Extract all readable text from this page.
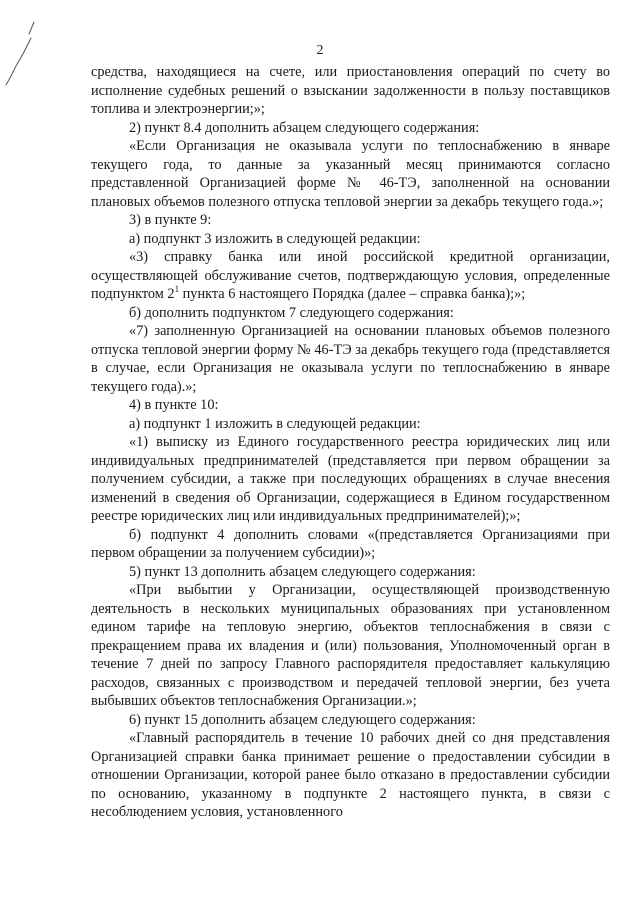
2

средства, находящиеся на счете, или приостановления операций по счету во исполнение судебных решений о взыскании задолженности в пользу поставщиков топлива и электроэнергии;»;

2) пункт 8.4 дополнить абзацем следующего содержания:

«Если Организация не оказывала услуги по теплоснабжению в январе текущего года, то данные за указанный месяц принимаются согласно представленной Организацией форме № 46-ТЭ, заполненной на основании плановых объемов полезного отпуска тепловой энергии за декабрь текущего года.»;

3) в пункте 9:

а) подпункт 3 изложить в следующей редакции:

«3) справку банка или иной российской кредитной организации, осуществляющей обслуживание счетов, подтверждающую условия, определенные подпунктом $2^1$ пункта 6 настоящего Порядка (далее – справка банка);»;

б) дополнить подпунктом 7 следующего содержания:

«7) заполненную Организацией на основании плановых объемов полезного отпуска тепловой энергии форму № 46-ТЭ за декабрь текущего года (представляется в случае, если Организация не оказывала услуги по теплоснабжению в январе текущего года).»;

4) в пункте 10:

а) подпункт 1 изложить в следующей редакции:

«1) выписку из Единого государственного реестра юридических лиц или индивидуальных предпринимателей (представляется при первом обращении за получением субсидии, а также при последующих обращениях в случае внесения изменений в сведения об Организации, содержащиеся в Едином государственном реестре юридических лиц или индивидуальных предпринимателей);»;

б) подпункт 4 дополнить словами «(представляется Организациями при первом обращении за получением субсидии)»;

5) пункт 13 дополнить абзацем следующего содержания:

«При выбытии у Организации, осуществляющей производственную деятельность в нескольких муниципальных образованиях при установленном едином тарифе на тепловую энергию, объектов теплоснабжения в связи с прекращением права их владения и (или) пользования, Уполномоченный орган в течение 7 дней по запросу Главного распорядителя предоставляет калькуляцию расходов, связанных с производством и передачей тепловой энергии, без учета выбывших объектов теплоснабжения Организации.»;

6) пункт 15 дополнить абзацем следующего содержания:

«Главный распорядитель в течение 10 рабочих дней со дня представления Организацией справки банка принимает решение о предоставлении субсидии в отношении Организации, которой ранее было отказано в предоставлении субсидии по основанию, указанному в подпункте 2 настоящего пункта, в связи с несоблюдением условия, установленного
